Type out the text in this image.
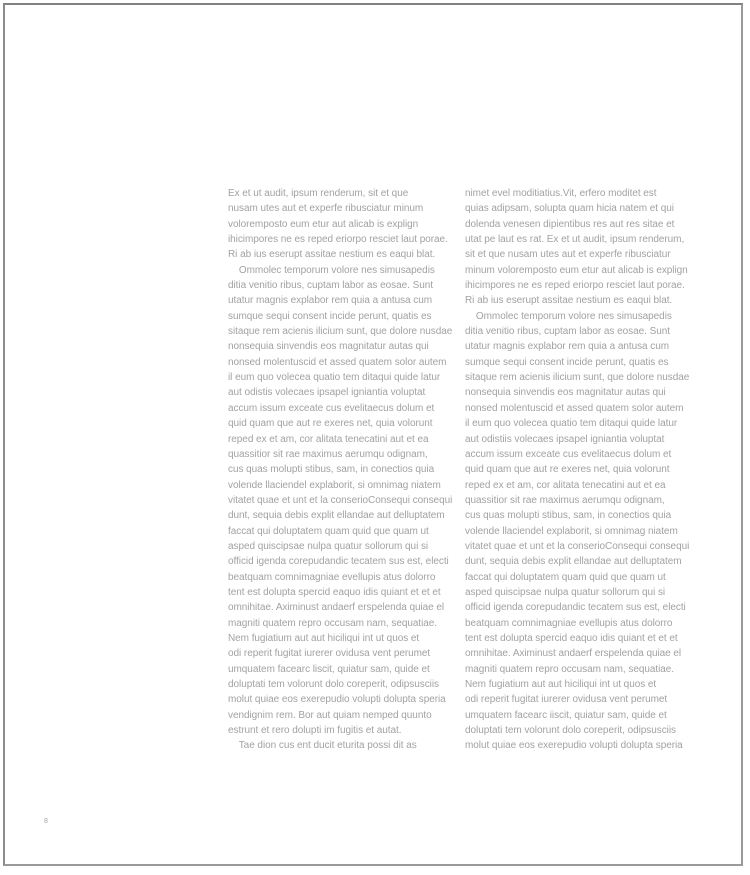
Ex et ut audit, ipsum renderum, sit et que
nusam utes aut et experfe ribusciatur minum
voloremposto eum etur aut alicab is explign
ihicimpores ne es reped eriorpo resciet laut porae.
Ri ab ius eserupt assitae nestium es eaqui blat.
Ommolec temporum volore nes simusapedis
ditia venitio ribus, cuptam labor as eosae. Sunt
utatur magnis explabor rem quia a antusa cum
sumque sequi consent incide perunt, quatis es
sitaque rem acienis ilicium sunt, que dolore nusdae
nonsequia sinvendis eos magnitatur autas qui
nonsed molentuscid et assed quatem solor autem
il eum quo volecea quatio tem ditaqui quide latur
aut odistis volecaes ipsapel igniantia voluptat
accum issum exceate cus evelitaecus dolum et
quid quam que aut re exeres net, quia volorunt
reped ex et am, cor alitata tenecatini aut et ea
quassitior sit rae maximus aerumqu odignam,
cus quas molupti stibus, sam, in conectios quia
volende llaciendel explaborit, si omnimag niatem
vitatet quae et unt et la conserioConsequi consequi
dunt, sequia debis explit ellandae aut delluptatem
faccat qui doluptatem quam quid que quam ut
asped quiscipsae nulpa quatur sollorum qui si
officid igenda corepudandic tecatem sus est, electi
beatquam comnimagniae evellupis atus dolorro
tent est dolupta spercid eaquo idis quiant et et et
omnihitae. Aximinust andaerf erspelenda quiae el
magniti quatem repro occusam nam, sequatiae.
Nem fugiatium aut aut hiciliqui int ut quos et
odi reperit fugitat iurerer ovidusa vent perumet
umquatem facearc liscit, quiatur sam, quide et
doluptati tem volorunt dolo coreperit, odipsusciis
molut quiae eos exerepudio volupti dolupta speria
vendignim rem. Bor aut quiam nemped quunto
estrunt et rero dolupti im fugitis et autat.
Tae dion cus ent ducit eturita possi dit as
nimet evel moditiatius.Vit, erfero moditet est
quias adipsam, solupta quam hicia natem et qui
dolenda venesen dipientibus res aut res sitae et
utat pe laut es rat. Ex et ut audit, ipsum renderum,
sit et que nusam utes aut et experfe ribusciatur
minum voloremposto eum etur aut alicab is explign
ihicimpores ne es reped eriorpo resciet laut porae.
Ri ab ius eserupt assitae nestium es eaqui blat.
Ommolec temporum volore nes simusapedis
ditia venitio ribus, cuptam labor as eosae. Sunt
utatur magnis explabor rem quia a antusa cum
sumque sequi consent incide perunt, quatis es
sitaque rem acienis ilicium sunt, que dolore nusdae
nonsequia sinvendis eos magnitatur autas qui
nonsed molentuscid et assed quatem solor autem
il eum quo volecea quatio tem ditaqui quide latur
aut odistiis volecaes ipsapel igniantia voluptat
accum issum exceate cus evelitaecus dolum et
quid quam que aut re exeres net, quia volorunt
reped ex et am, cor alitata tenecatini aut et ea
quassitior sit rae maximus aerumqu odignam,
cus quas molupti stibus, sam, in conectios quia
volende llaciendel explaborit, si omnimag niatem
vitatet quae et unt et la conserioConsequi consequi
dunt, sequia debis explit ellandae aut delluptatem
faccat qui doluptatem quam quid que quam ut
asped quiscipsae nulpa quatur sollorum qui si
officid igenda corepudandic tecatem sus est, electi
beatquam comnimagniae evellupis atus dolorro
tent est dolupta spercid eaquo idis quiant et et et
omnihitae. Aximinust andaerf erspelenda quiae el
magniti quatem repro occusam nam, sequatiae.
Nem fugiatium aut aut hiciliqui int ut quos et
odi reperit fugitat iurerer ovidusa vent perumet
umquatem facearc iiscit, quiatur sam, quide et
doluptati tem volorunt dolo coreperit, odipsusciis
molut quiae eos exerepudio volupti dolupta speria
8
